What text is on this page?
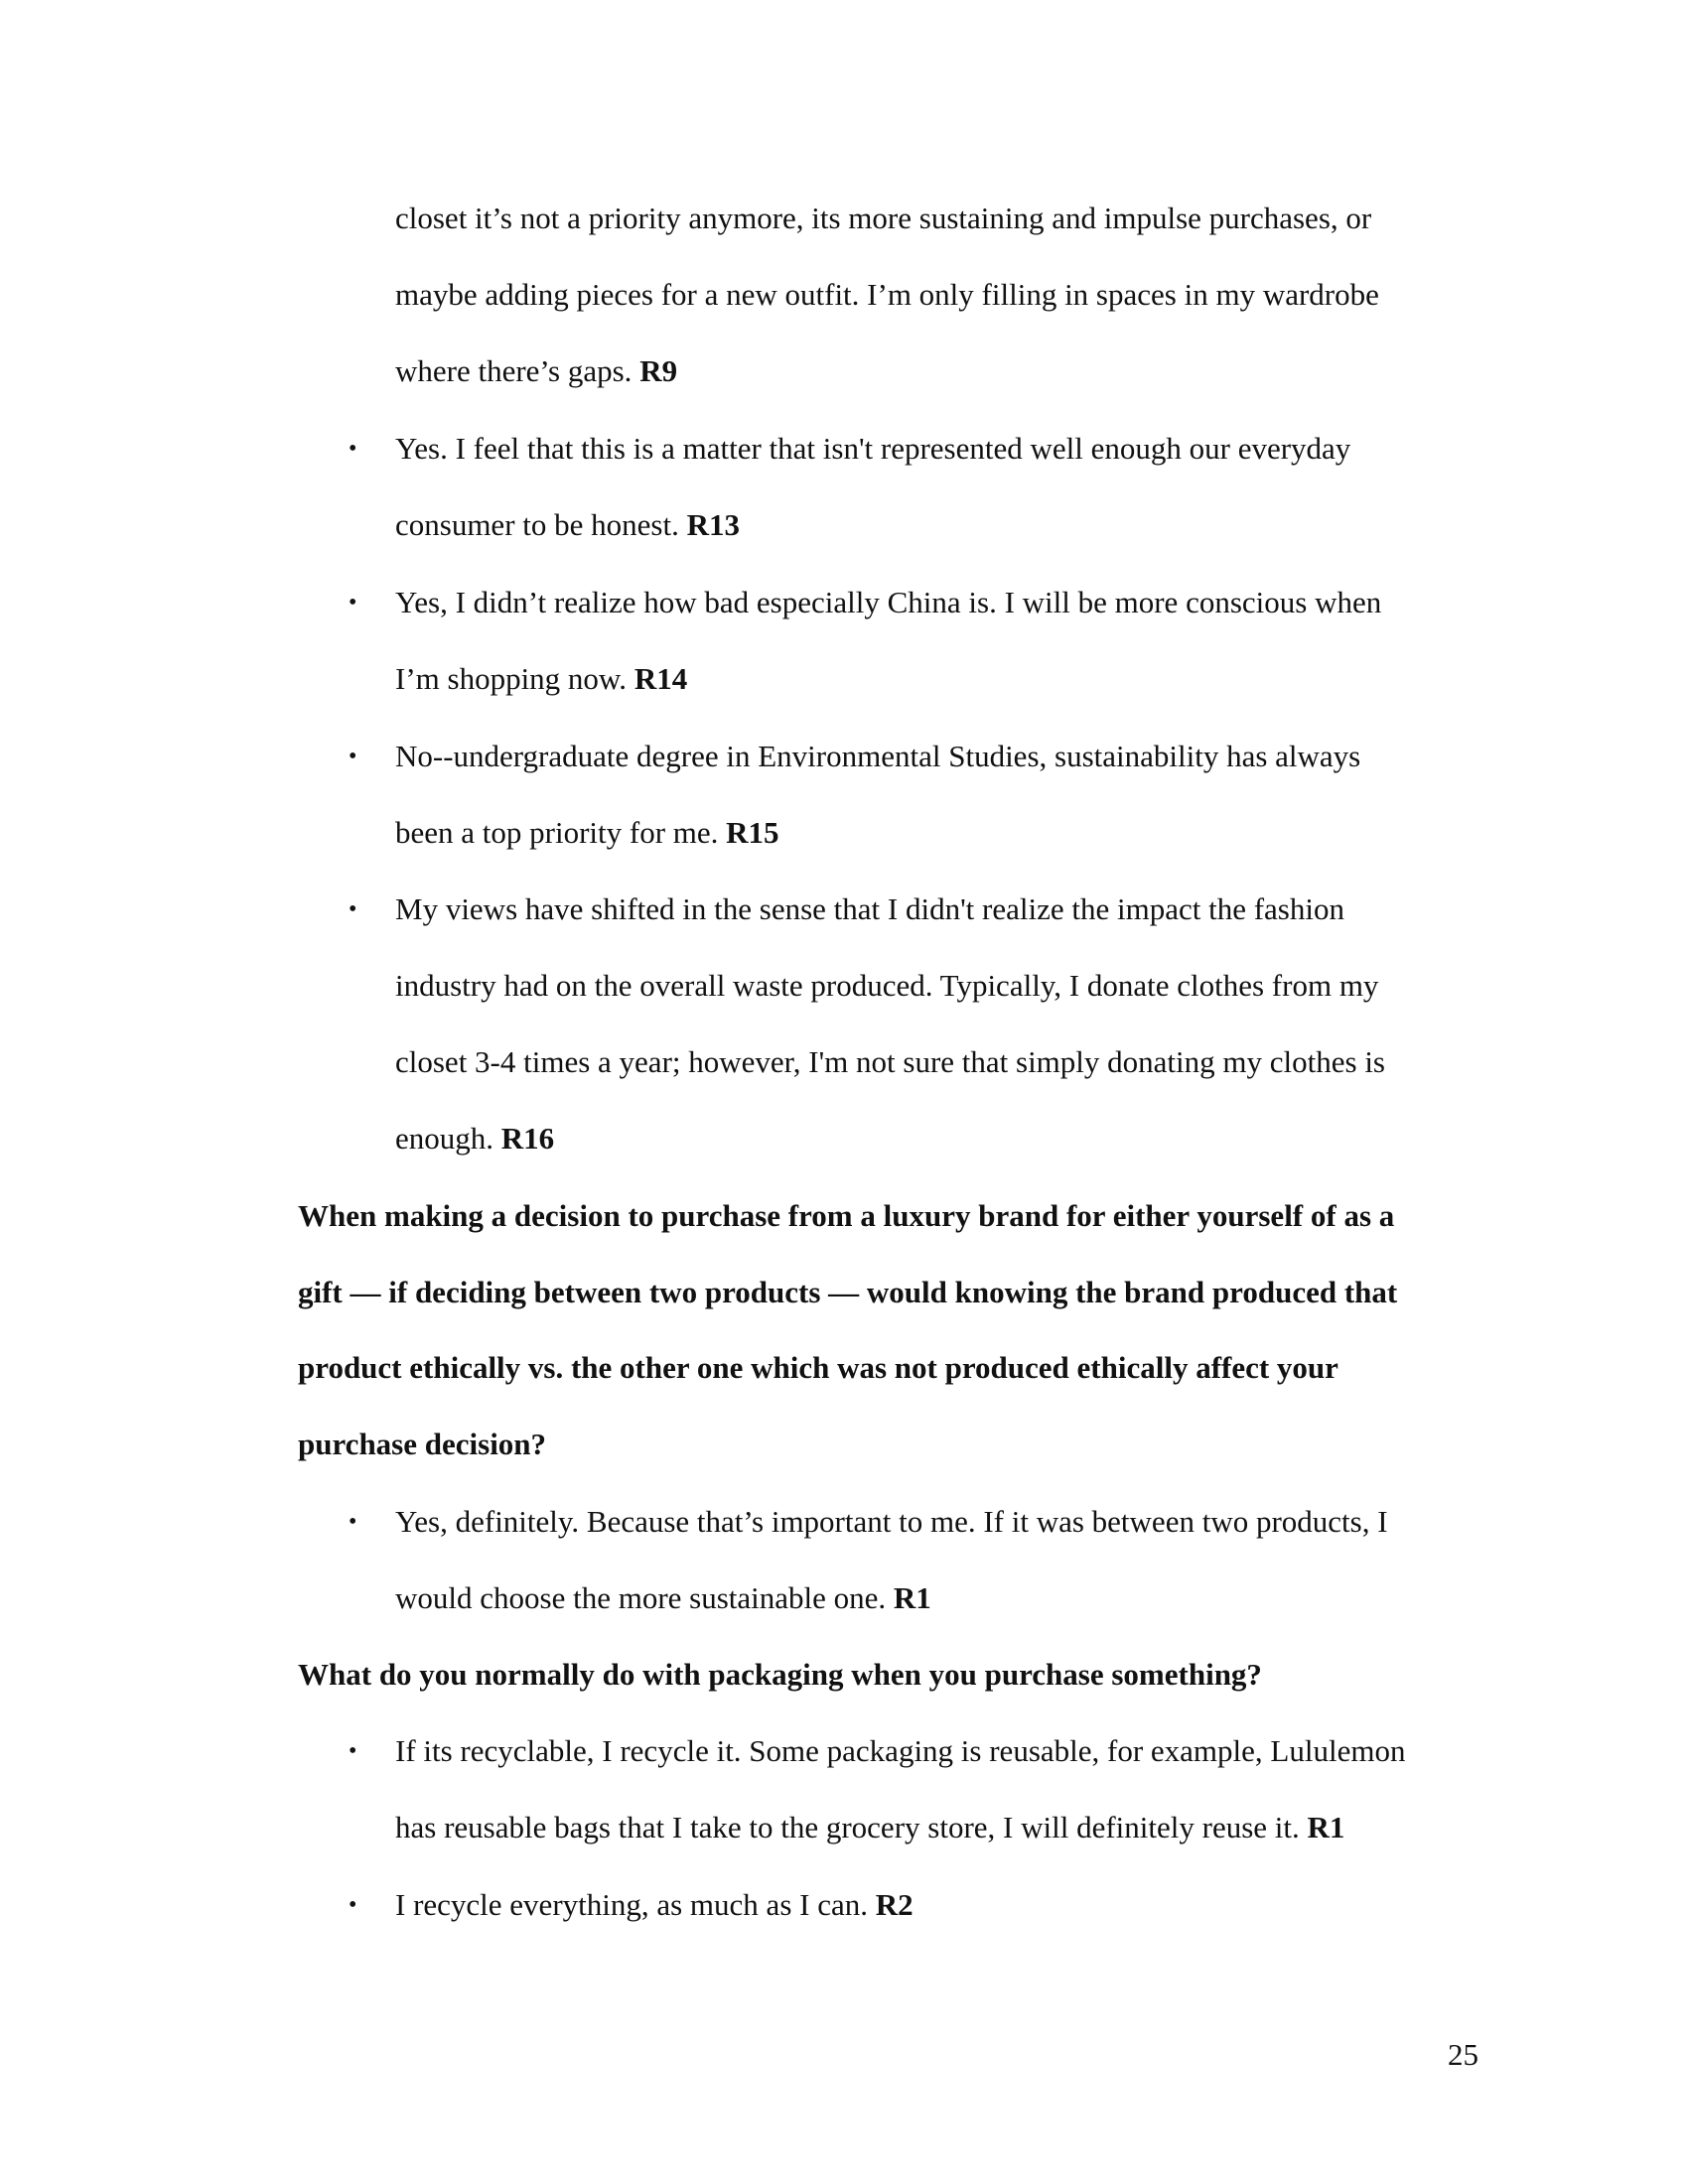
closet it’s not a priority anymore, its more sustaining and impulse purchases, or
maybe adding pieces for a new outfit. I’m only filling in spaces in my wardrobe
where there’s gaps. R9
• Yes. I feel that this is a matter that isn't represented well enough our everyday
consumer to be honest. R13
• Yes, I didn’t realize how bad especially China is. I will be more conscious when
I’m shopping now. R14
• No--undergraduate degree in Environmental Studies, sustainability has always
been a top priority for me. R15
• My views have shifted in the sense that I didn't realize the impact the fashion
industry had on the overall waste produced. Typically, I donate clothes from my
closet 3-4 times a year; however, I'm not sure that simply donating my clothes is
enough. R16
When making a decision to purchase from a luxury brand for either yourself of as a
gift — if deciding between two products — would knowing the brand produced that
product ethically vs. the other one which was not produced ethically affect your
purchase decision?
• Yes, definitely. Because that’s important to me. If it was between two products, I
would choose the more sustainable one. R1
What do you normally do with packaging when you purchase something?
• If its recyclable, I recycle it. Some packaging is reusable, for example, Lululemon
has reusable bags that I take to the grocery store, I will definitely reuse it. R1
• I recycle everything, as much as I can. R2
25
